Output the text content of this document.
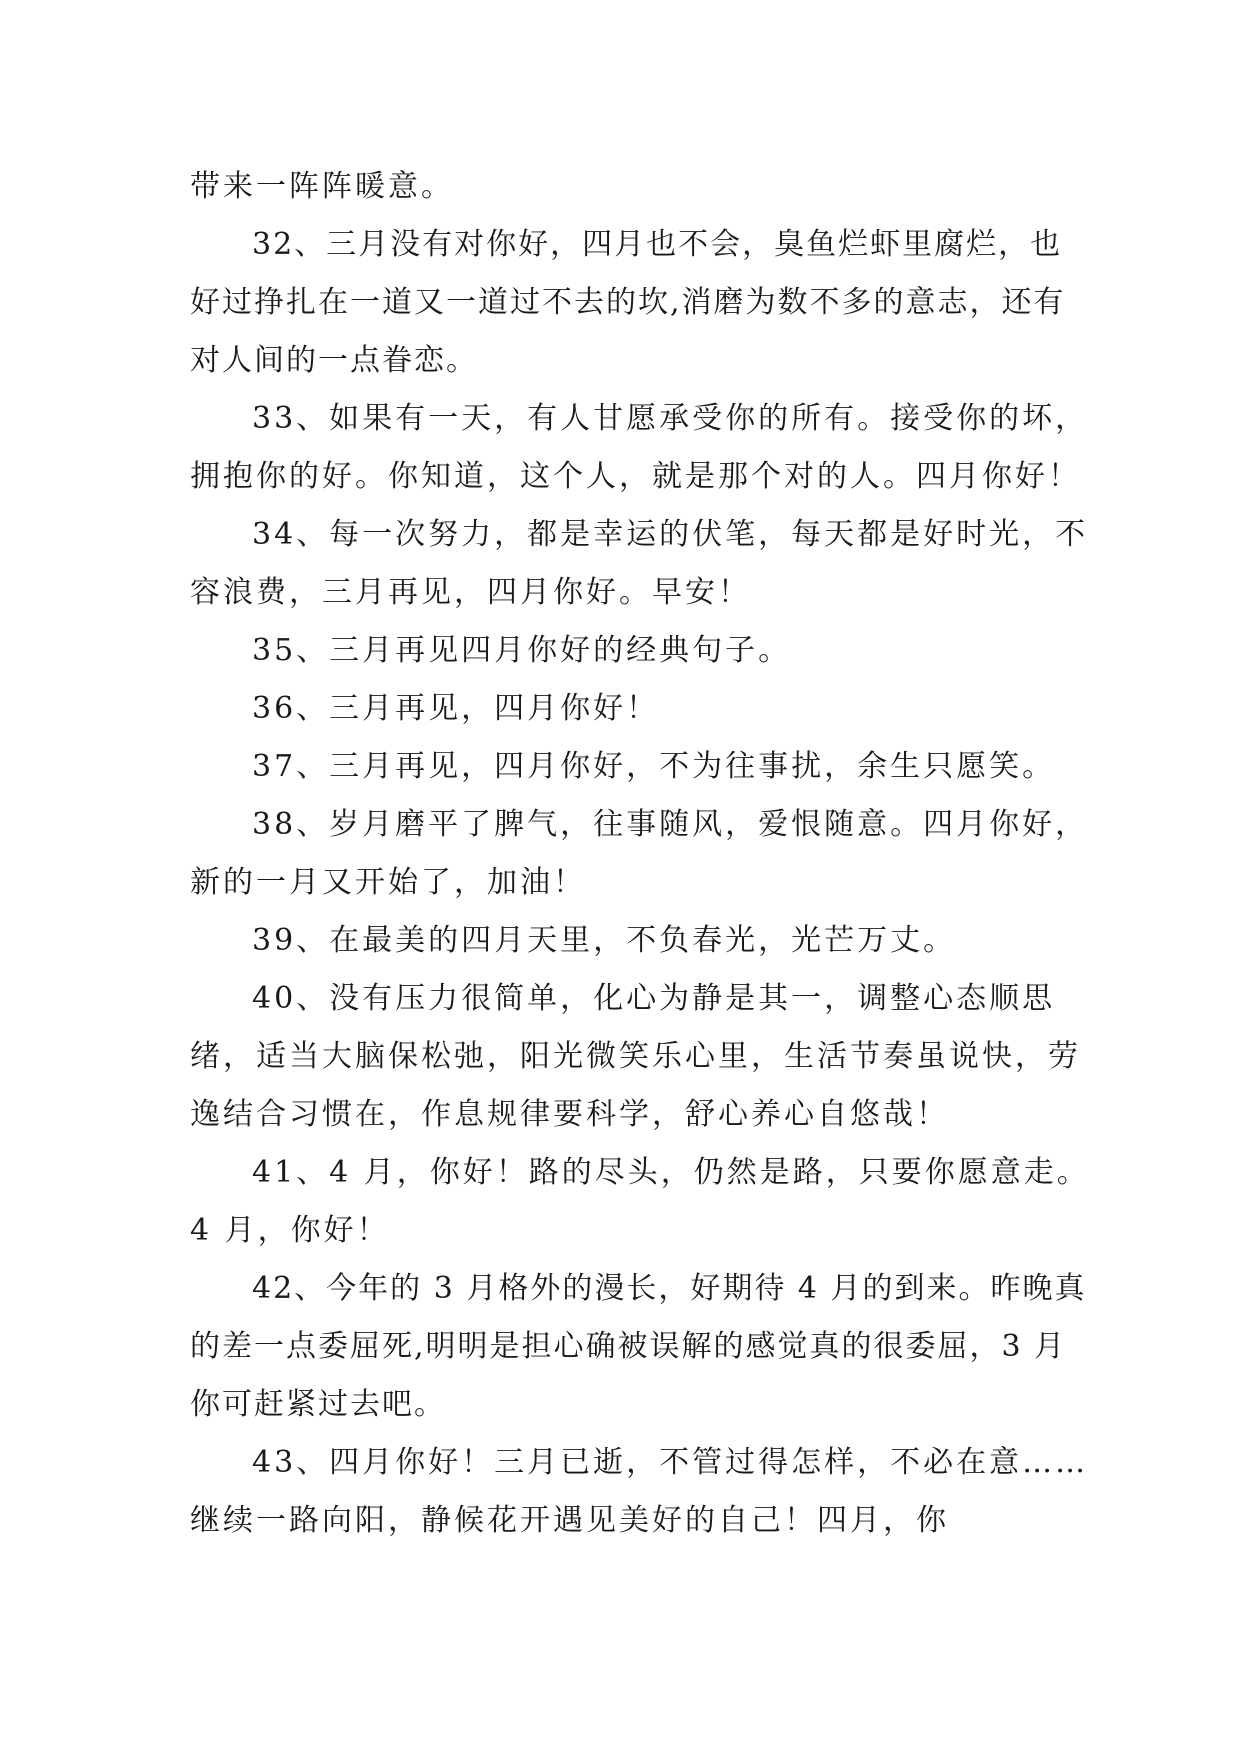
带来一阵阵暖意。

32、三月没有对你好，四月也不会，臭鱼烂虾里腐烂，也好过挣扎在一道又一道过不去的坎,消磨为数不多的意志，还有对人间的一点眷恋。

33、如果有一天，有人甘愿承受你的所有。接受你的坏，拥抱你的好。你知道，这个人，就是那个对的人。四月你好！

34、每一次努力，都是幸运的伏笔，每天都是好时光，不容浪费，三月再见，四月你好。早安！

35、三月再见四月你好的经典句子。

36、三月再见，四月你好！

37、三月再见，四月你好，不为往事扰，余生只愿笑。

38、岁月磨平了脾气，往事随风，爱恨随意。四月你好，新的一月又开始了，加油！

39、在最美的四月天里，不负春光，光芒万丈。

40、没有压力很简单，化心为静是其一，调整心态顺思绪，适当大脑保松弛，阳光微笑乐心里，生活节奏虽说快，劳逸结合习惯在，作息规律要科学，舒心养心自悠哉！

41、4 月，你好！路的尽头，仍然是路，只要你愿意走。4 月，你好！

42、今年的 3 月格外的漫长，好期待 4 月的到来。昨晚真的差一点委屈死,明明是担心确被误解的感觉真的很委屈，3 月你可赶紧过去吧。

43、四月你好！三月已逝，不管过得怎样，不必在意……继续一路向阳，静候花开遇见美好的自己！四月，你
